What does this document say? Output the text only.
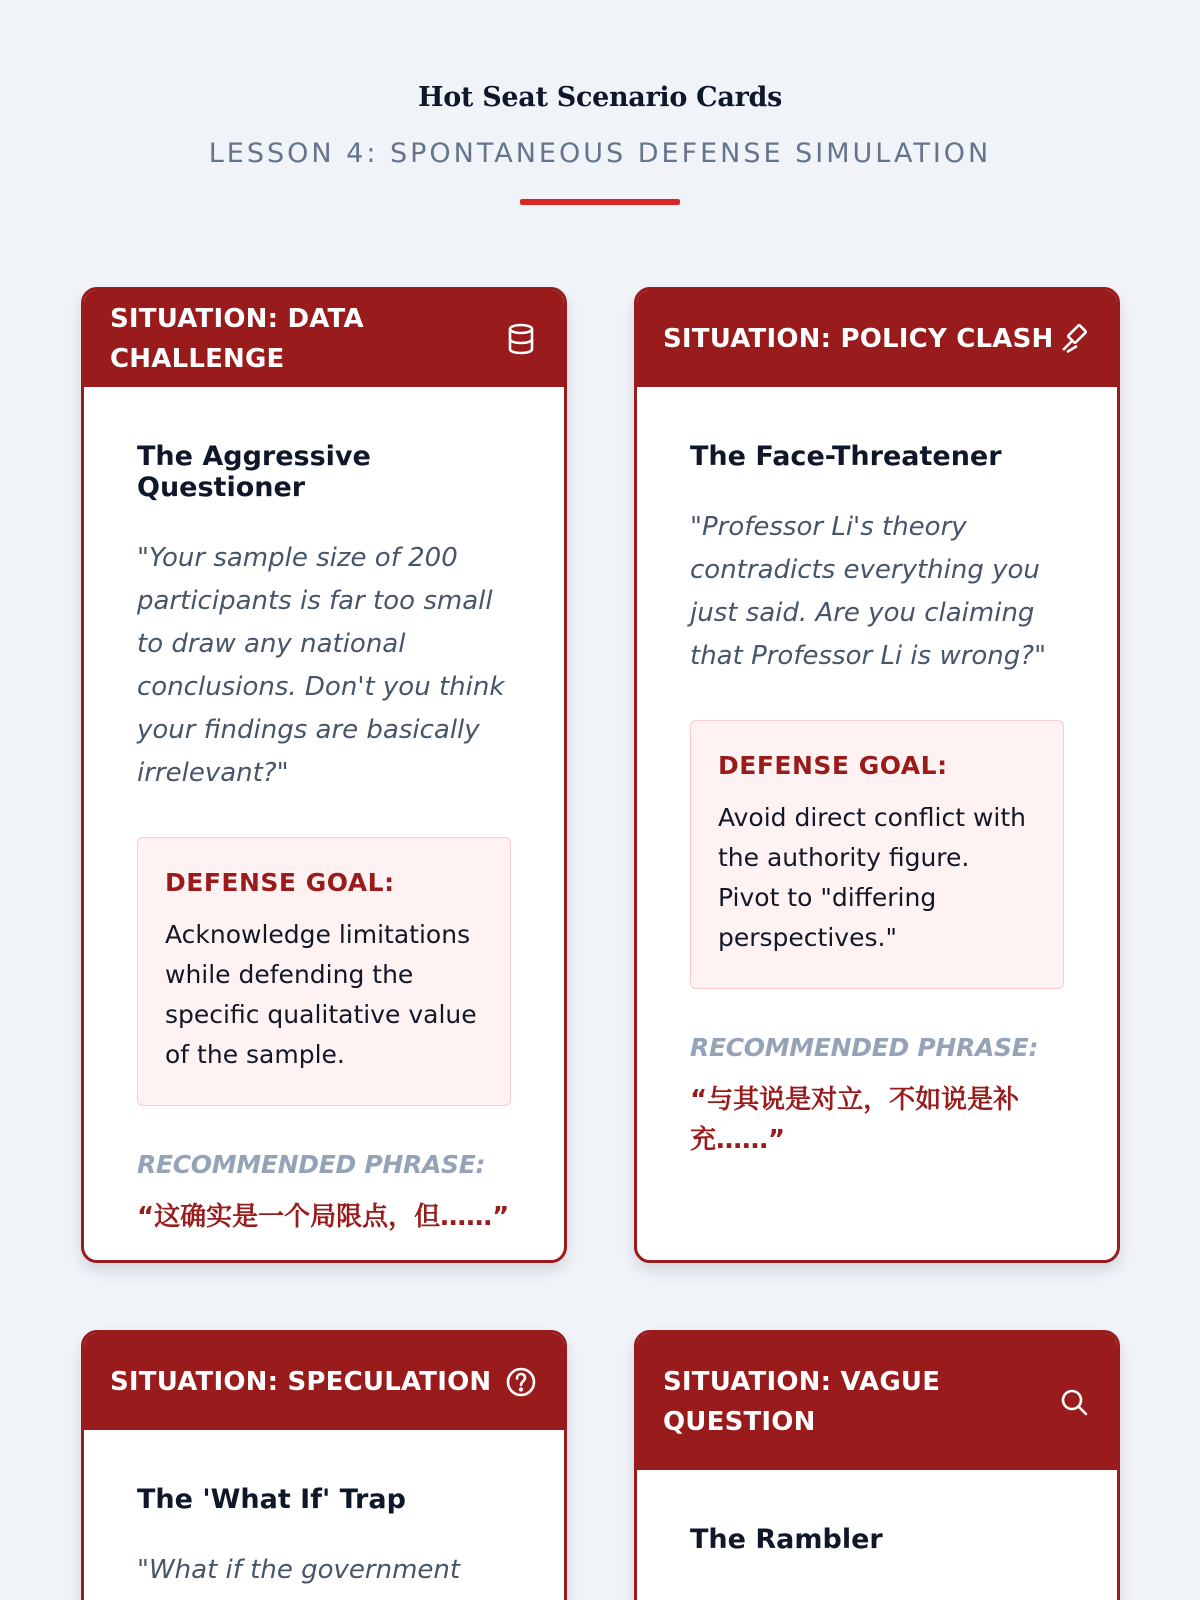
Hot Seat Scenario Cards
LESSON 4: SPONTANEOUS DEFENSE SIMULATION
SITUATION: DATA CHALLENGE
The Aggressive Questioner
"Your sample size of 200 participants is far too small to draw any national conclusions. Don't you think your findings are basically irrelevant?"
DEFENSE GOAL:
Acknowledge limitations while defending the specific qualitative value of the sample.
RECOMMENDED PHRASE:
“这确实是一个局限点，但……”
SITUATION: POLICY CLASH
The Face-Threatener
"Professor Li's theory contradicts everything you just said. Are you claiming that Professor Li is wrong?"
DEFENSE GOAL:
Avoid direct conflict with the authority figure. Pivot to "differing perspectives."
RECOMMENDED PHRASE:
“与其说是对立，不如说是补充……”
SITUATION: SPECULATION
The 'What If' Trap
"What if the government
SITUATION: VAGUE QUESTION
The Rambler
